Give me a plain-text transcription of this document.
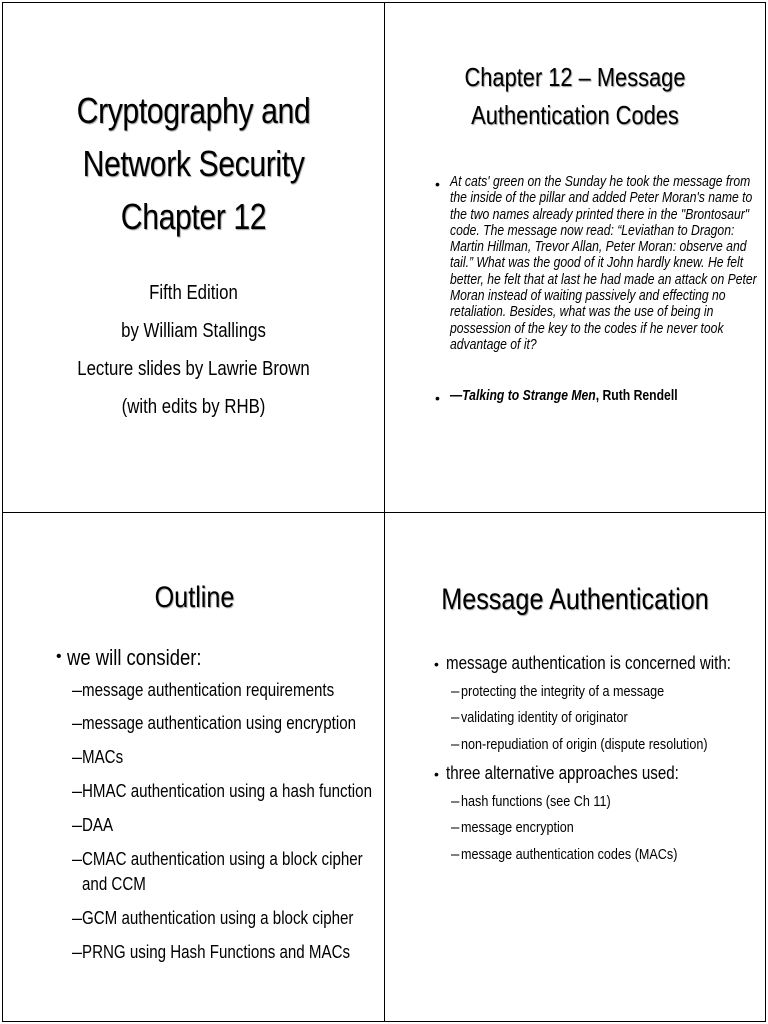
Cryptography and
Network Security
Chapter 12
Fifth Edition
by William Stallings
Lecture slides by Lawrie Brown
(with edits by RHB)
Chapter 12 – Message
Authentication Codes
• At cats' green on the Sunday he took the message from
the inside of the pillar and added Peter Moran's name to
the two names already printed there in the "Brontosaur"
code. The message now read: “Leviathan to Dragon:
Martin Hillman, Trevor Allan, Peter Moran: observe and
tail.” What was the good of it John hardly knew. He felt
better, he felt that at last he had made an attack on Peter
Moran instead of waiting passively and effecting no
retaliation. Besides, what was the use of being in
possession of the key to the codes if he never took
advantage of it?
• —Talking to Strange Men, Ruth Rendell
Outline
• we will consider:
– message authentication requirements
– message authentication using encryption
– MACs
– HMAC authentication using a hash function
– DAA
– CMAC authentication using a block cipher
and CCM
– GCM authentication using a block cipher
– PRNG using Hash Functions and MACs
Message Authentication
• message authentication is concerned with:
– protecting the integrity of a message
– validating identity of originator
– non-repudiation of origin (dispute resolution)
• three alternative approaches used:
– hash functions (see Ch 11)
– message encryption
– message authentication codes (MACs)
